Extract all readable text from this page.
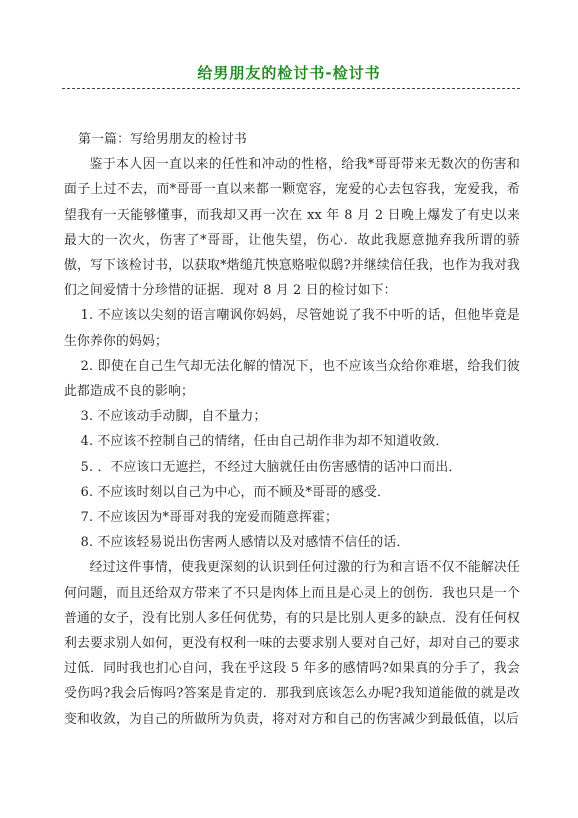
给男朋友的检讨书-检讨书

第一篇：写给男朋友的检讨书

鉴于本人因一直以来的任性和冲动的性格，给我*哥哥带来无数次的伤害和面子上过不去，而*哥哥一直以来都一颗宽容，宠爱的心去包容我，宠爱我，希望我有一天能够懂事，而我却又再一次在 xx 年 8 月 2 日晚上爆发了有史以来最大的一次火，伤害了*哥哥，让他失望，伤心．故此我愿意抛弃我所谓的骄傲，写下该检讨书，以获取*煯缒芁怏悹赂啦似鸱?并继续信任我，也作为我对我们之间爱情十分珍惜的证据．现对 8 月 2 日的检讨如下：

1. 不应该以尖刻的语言嘲讽你妈妈，尽管她说了我不中听的话，但他毕竟是生你养你的妈妈；

2. 即使在自己生气却无法化解的情况下，也不应该当众给你难堪，给我们彼此都造成不良的影响；

3. 不应该动手动脚，自不量力；

4. 不应该不控制自己的情绪，任由自己胡作非为却不知道收敛．

5. ．不应该口无遮拦，不经过大脑就任由伤害感情的话冲口而出．

6. 不应该时刻以自己为中心，而不顾及*哥哥的感受．

7. 不应该因为*哥哥对我的宠爱而随意挥霍；

8. 不应该轻易说出伤害两人感情以及对感情不信任的话．

经过这件事情，使我更深刻的认识到任何过激的行为和言语不仅不能解决任何问题，而且还给双方带来了不只是肉体上而且是心灵上的创伤．我也只是一个普通的女子，没有比别人多任何优势，有的只是比别人更多的缺点．没有任何权利去要求别人如何，更没有权利一味的去要求别人要对自己好，却对自己的要求过低．同时我也扪心自问，我在乎这段 5 年多的感情吗?如果真的分手了，我会受伤吗?我会后悔吗?答案是肯定的．那我到底该怎么办呢?我知道能做的就是改变和收敛，为自己的所做所为负责，将对对方和自己的伤害减少到最低值，以后
